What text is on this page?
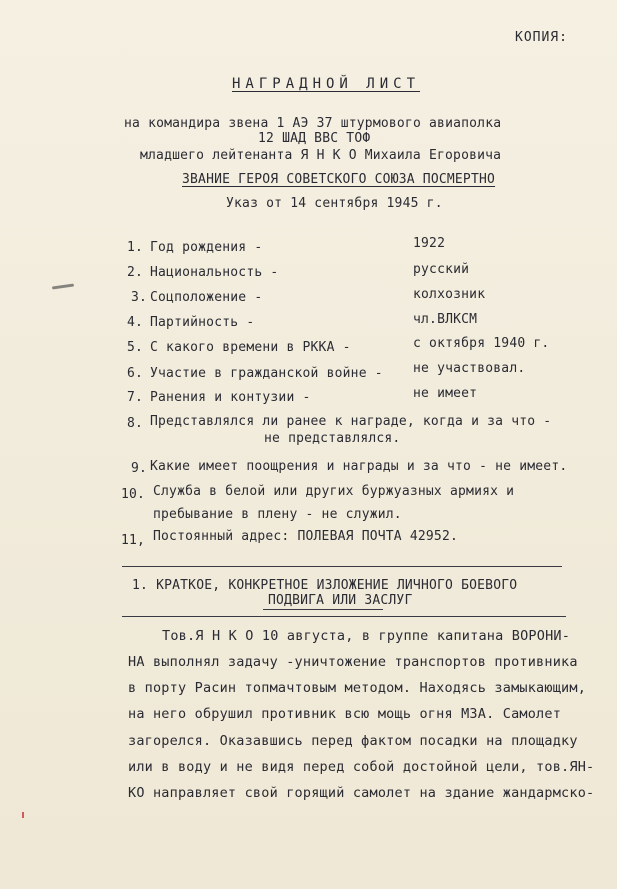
КОПИЯ:
НАГРАДНОЙ ЛИСТ
на командира звена 1 АЭ 37 штурмового авиаполка
12 ШАД ВВС ТОФ
младшего лейтенанта Я Н К О Михаила Егоровича
ЗВАНИЕ ГЕРОЯ СОВЕТСКОГО СОЮЗА ПОСМЕРТНО
Указ от 14 сентября 1945 г.
1. Год рождения -	1922
2. Национальность -	русский
3. Соцположение -	колхозник
4. Партийность -	чл.ВЛКСМ
5. С какого времени в РККА -	с октября 1940 г.
6. Участие в гражданской войне - не участвовал.
7. Ранения и контузии -	не имеет
8. Представлялся ли ранее к награде, когда и за что -
не представлялся.
9. Какие имеет поощрения и награды и за что - не имеет.
10. Служба в белой или других буржуазных армиях и
пребывание в плену - не служил.
11, Постоянный адрес: ПОЛЕВАЯ ПОЧТА 42952.
1. КРАТКОЕ, КОНКРЕТНОЕ ИЗЛОЖЕНИЕ ЛИЧНОГО БОЕВОГО
ПОДВИГА ИЛИ ЗАСЛУГ
Тов.Я Н К О 10 августа, в группе капитана ВОРОНИ-
НА выполнял задачу -уничтожение транспортов противника
в порту Расин топмачтовым методом. Находясь замыкающим,
на него обрушил противник всю мощь огня МЗА. Самолет
загорелся. Оказавшись перед фактом посадки на площадку
или в воду и не видя перед собой достойной цели, тов.ЯН-
КО направляет свой горящий самолет на здание жандармско-
